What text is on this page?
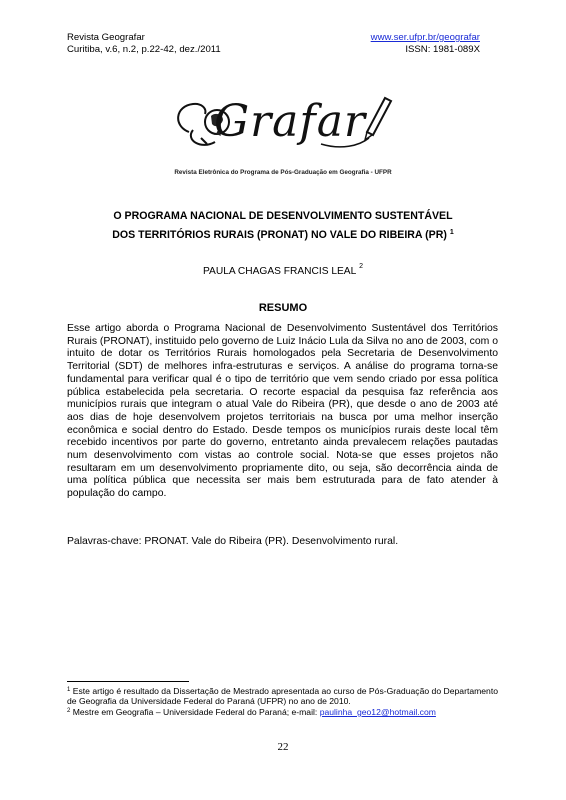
Revista Geografar
Curitiba, v.6, n.2, p.22-42, dez./2011
www.ser.ufpr.br/geografar
ISSN: 1981-089X
Grafar
Revista Eletrônica do Programa de Pós-Graduação em Geografia - UFPR
O PROGRAMA NACIONAL DE DESENVOLVIMENTO SUSTENTÁVEL
DOS TERRITÓRIOS RURAIS (PRONAT) NO VALE DO RIBEIRA (PR) $^1$
PAULA CHAGAS FRANCIS LEAL $^2$
RESUMO
Esse artigo aborda o Programa Nacional de Desenvolvimento Sustentável dos Territórios Rurais (PRONAT), instituido pelo governo de Luiz Inácio Lula da Silva no ano de 2003, com o intuito de dotar os Territórios Rurais homologados pela Secretaria de Desenvolvimento Territorial (SDT) de melhores infra-estruturas e serviços. A análise do programa torna-se fundamental para verificar qual é o tipo de território que vem sendo criado por essa política pública estabelecida pela secretaria. O recorte espacial da pesquisa faz referência aos municípios rurais que integram o atual Vale do Ribeira (PR), que desde o ano de 2003 até aos dias de hoje desenvolvem projetos territoriais na busca por uma melhor inserção econômica e social dentro do Estado. Desde tempos os municípios rurais deste local têm recebido incentivos por parte do governo, entretanto ainda prevalecem relações pautadas num desenvolvimento com vistas ao controle social. Nota-se que esses projetos não resultaram em um desenvolvimento propriamente dito, ou seja, são decorrência ainda de uma política pública que necessita ser mais bem estruturada para de fato atender à população do campo.
Palavras-chave: PRONAT. Vale do Ribeira (PR). Desenvolvimento rural.
$^1$ Este artigo é resultado da Dissertação de Mestrado apresentada ao curso de Pós-Graduação do Departamento de Geografia da Universidade Federal do Paraná (UFPR) no ano de 2010.
$^2$ Mestre em Geografia – Universidade Federal do Paraná; e-mail: paulinha_geo12@hotmail.com
22
